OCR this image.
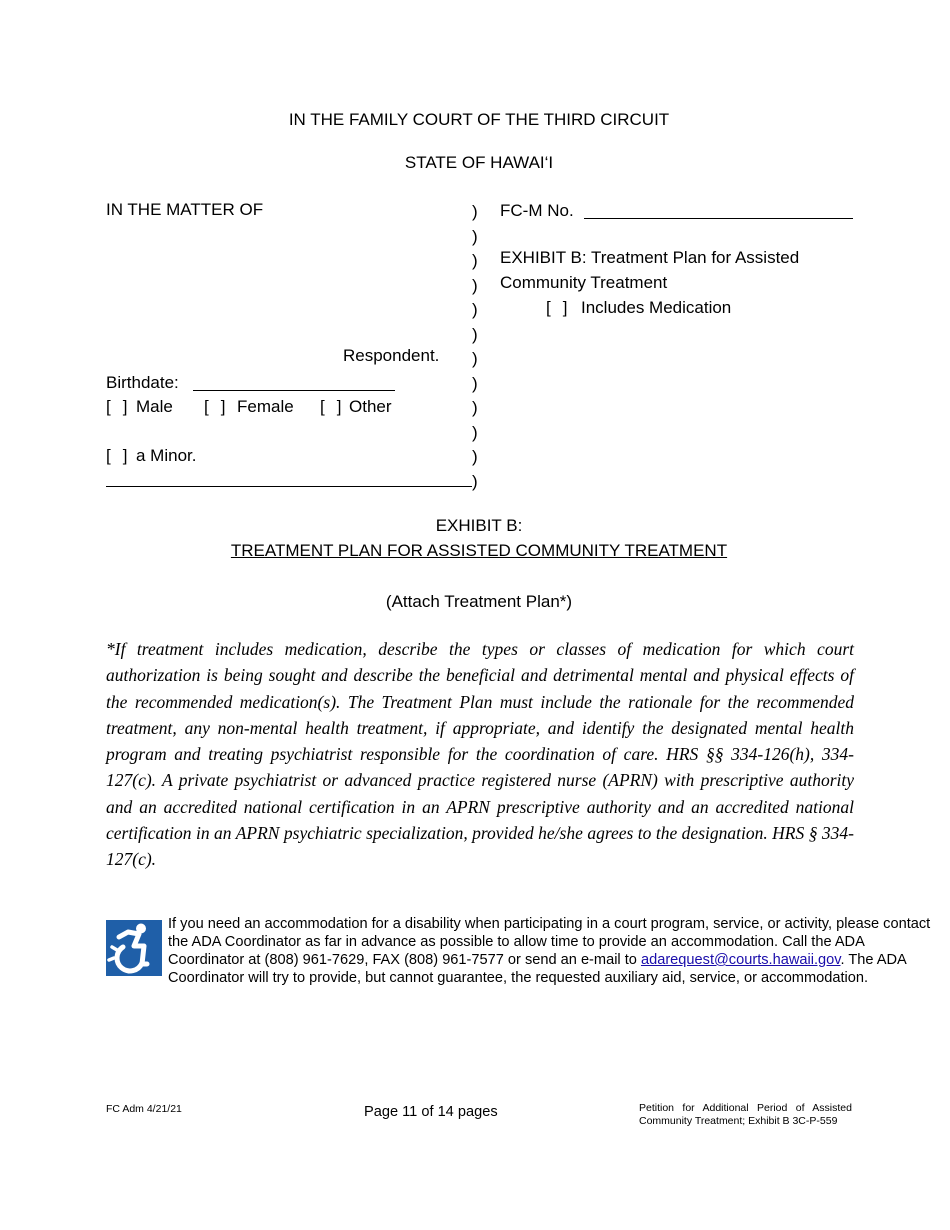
IN THE FAMILY COURT OF THE THIRD CIRCUIT
STATE OF HAWAI‘I
IN THE MATTER OF
Respondent.
Birthdate:
[ ] Male [ ] Female [ ] Other
[ ] a Minor.
)
)
)
)
)
)
)
)
)
)
)
)
FC-M No.
EXHIBIT B: Treatment Plan for Assisted
Community Treatment
[ ] Includes Medication
EXHIBIT B:
TREATMENT PLAN FOR ASSISTED COMMUNITY TREATMENT
(Attach Treatment Plan*)
*If treatment includes medication, describe the types or classes of medication for which court authorization is being sought and describe the beneficial and detrimental mental and physical effects of the recommended medication(s). The Treatment Plan must include the rationale for the recommended treatment, any non-mental health treatment, if appropriate, and identify the designated mental health program and treating psychiatrist responsible for the coordination of care. HRS §§ 334-126(h), 334-127(c). A private psychiatrist or advanced practice registered nurse (APRN) with prescriptive authority and an accredited national certification in an APRN prescriptive authority and an accredited national certification in an APRN psychiatric specialization, provided he/she agrees to the designation. HRS § 334-127(c).
If you need an accommodation for a disability when participating in a court program, service, or activity, please contact the ADA Coordinator as far in advance as possible to allow time to provide an accommodation. Call the ADA Coordinator at (808) 961-7629, FAX (808) 961-7577 or send an e-mail to adarequest@courts.hawaii.gov. The ADA Coordinator will try to provide, but cannot guarantee, the requested auxiliary aid, service, or accommodation.
FC Adm 4/21/21	Page 11 of 14 pages	Petition for Additional Period of Assisted
Community Treatment; Exhibit B 3C-P-559
